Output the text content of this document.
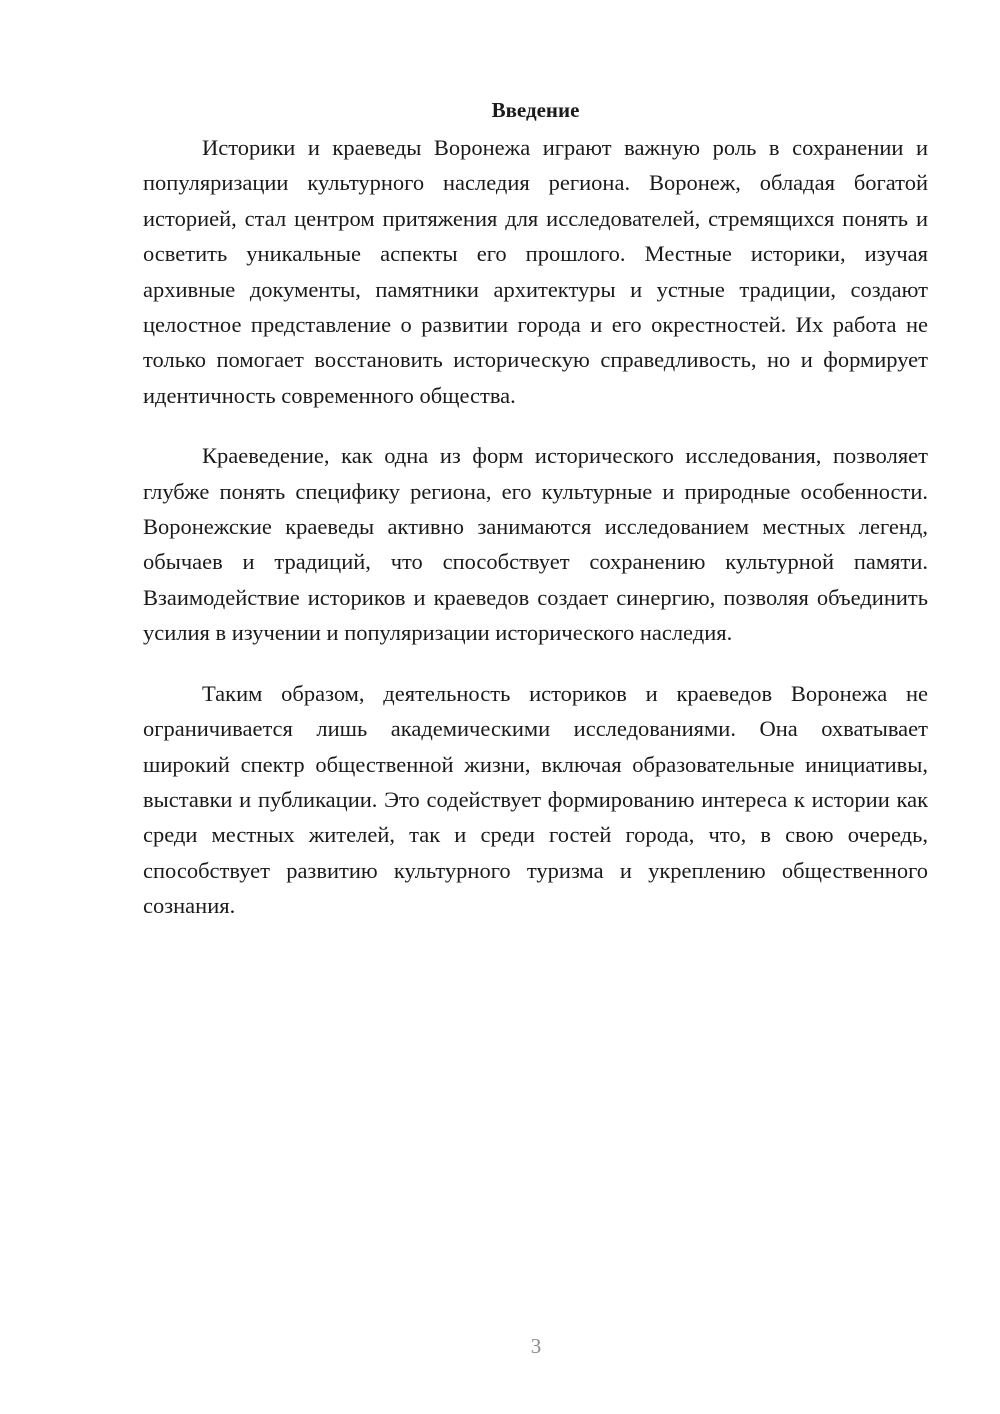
Введение

Историки и краеведы Воронежа играют важную роль в сохранении и популяризации культурного наследия региона. Воронеж, обладая богатой историей, стал центром притяжения для исследователей, стремящихся понять и осветить уникальные аспекты его прошлого. Местные историки, изучая архивные документы, памятники архитектуры и устные традиции, создают целостное представление о развитии города и его окрестностей. Их работа не только помогает восстановить историческую справедливость, но и формирует идентичность современного общества.

Краеведение, как одна из форм исторического исследования, позволяет глубже понять специфику региона, его культурные и природные особенности. Воронежские краеведы активно занимаются исследованием местных легенд, обычаев и традиций, что способствует сохранению культурной памяти. Взаимодействие историков и краеведов создает синергию, позволяя объединить усилия в изучении и популяризации исторического наследия.

Таким образом, деятельность историков и краеведов Воронежа не ограничивается лишь академическими исследованиями. Она охватывает широкий спектр общественной жизни, включая образовательные инициативы, выставки и публикации. Это содействует формированию интереса к истории как среди местных жителей, так и среди гостей города, что, в свою очередь, способствует развитию культурного туризма и укреплению общественного сознания.

3
